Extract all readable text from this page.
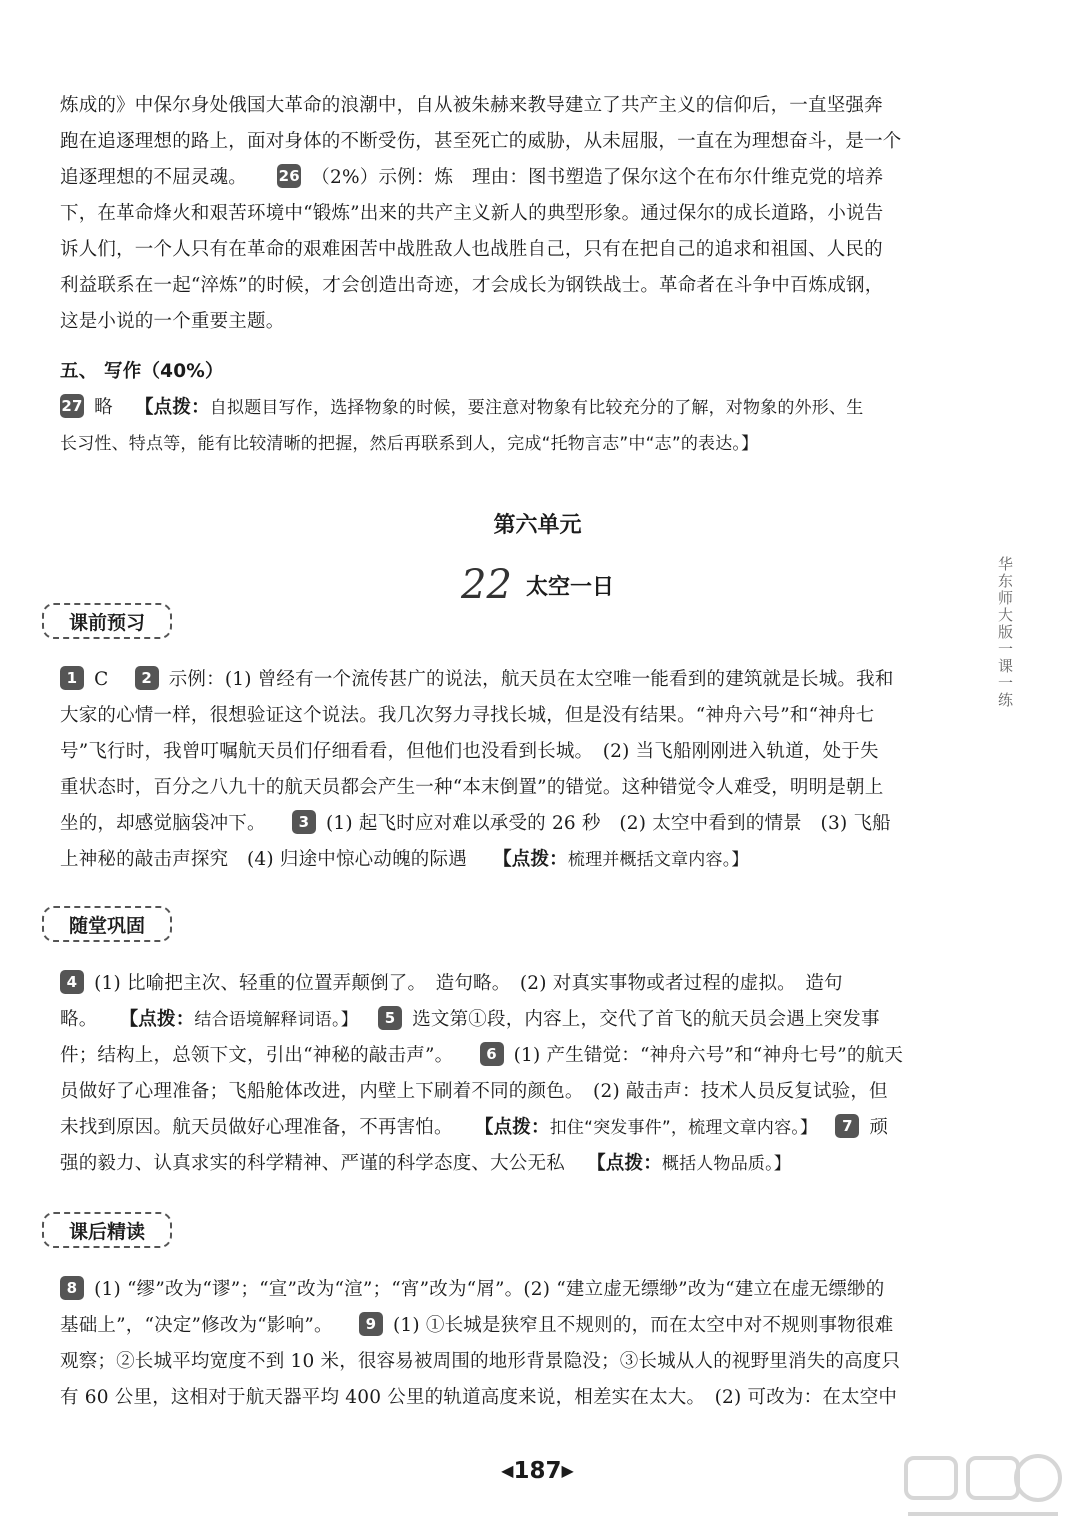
炼成的》中保尔身处俄国大革命的浪潮中，自从被朱赫来教导建立了共产主义的信仰后，一直坚强奔
跑在追逐理想的路上，面对身体的不断受伤，甚至死亡的威胁，从未屈服，一直在为理想奋斗，是一个
追逐理想的不屈灵魂。 26 （2%）示例：炼　理由：图书塑造了保尔这个在布尔什维克党的培养
下，在革命烽火和艰苦环境中“锻炼”出来的共产主义新人的典型形象。通过保尔的成长道路，小说告
诉人们，一个人只有在革命的艰难困苦中战胜敌人也战胜自己，只有在把自己的追求和祖国、人民的
利益联系在一起“淬炼”的时候，才会创造出奇迹，才会成长为钢铁战士。革命者在斗争中百炼成钢，
这是小说的一个重要主题。
五、 写作（40%）
27 略 【点拨：自拟题目写作，选择物象的时候，要注意对物象有比较充分的了解，对物象的外形、生
长习性、特点等，能有比较清晰的把握，然后再联系到人，完成“托物言志”中“志”的表达。】
第六单元
22 太空一日
课前预习
1 C 2 示例：(1) 曾经有一个流传甚广的说法，航天员在太空唯一能看到的建筑就是长城。我和
大家的心情一样，很想验证这个说法。我几次努力寻找长城，但是没有结果。“神舟六号”和“神舟七
号”飞行时，我曾叮嘱航天员们仔细看看，但他们也没看到长城。　(2) 当飞船刚刚进入轨道，处于失
重状态时，百分之八九十的航天员都会产生一种“本末倒置”的错觉。这种错觉令人难受，明明是朝上
坐的，却感觉脑袋冲下。 3 (1) 起飞时应对难以承受的 26 秒　(2) 太空中看到的情景　(3) 飞船
上神秘的敲击声探究　(4) 归途中惊心动魄的际遇 【点拨：梳理并概括文章内容。】
随堂巩固
4 (1) 比喻把主次、轻重的位置弄颠倒了。　造句略。　(2) 对真实事物或者过程的虚拟。　造句
略。 【点拨：结合语境解释词语。】 5 选文第①段，内容上，交代了首飞的航天员会遇上突发事
件；结构上，总领下文，引出“神秘的敲击声”。 6 (1) 产生错觉：“神舟六号”和“神舟七号”的航天
员做好了心理准备；飞船舱体改进，内壁上下刷着不同的颜色。　(2) 敲击声：技术人员反复试验，但
未找到原因。航天员做好心理准备，不再害怕。 【点拨：扣住“突发事件”，梳理文章内容。】 7 顽
强的毅力、认真求实的科学精神、严谨的科学态度、大公无私 【点拨：概括人物品质。】
课后精读
8 (1) “缪”改为“谬”；“宣”改为“渲”；“宵”改为“屑”。(2) “建立虚无缥缈”改为“建立在虚无缥缈的
基础上”，“决定”修改为“影响”。 9 (1) ①长城是狭窄且不规则的，而在太空中对不规则事物很难
观察；②长城平均宽度不到 10 米，很容易被周围的地形背景隐没；③长城从人的视野里消失的高度只
有 60 公里，这相对于航天器平均 400 公里的轨道高度来说，相差实在太大。　(2) 可改为：在太空中
华东师大版一课一练
◀187▶
